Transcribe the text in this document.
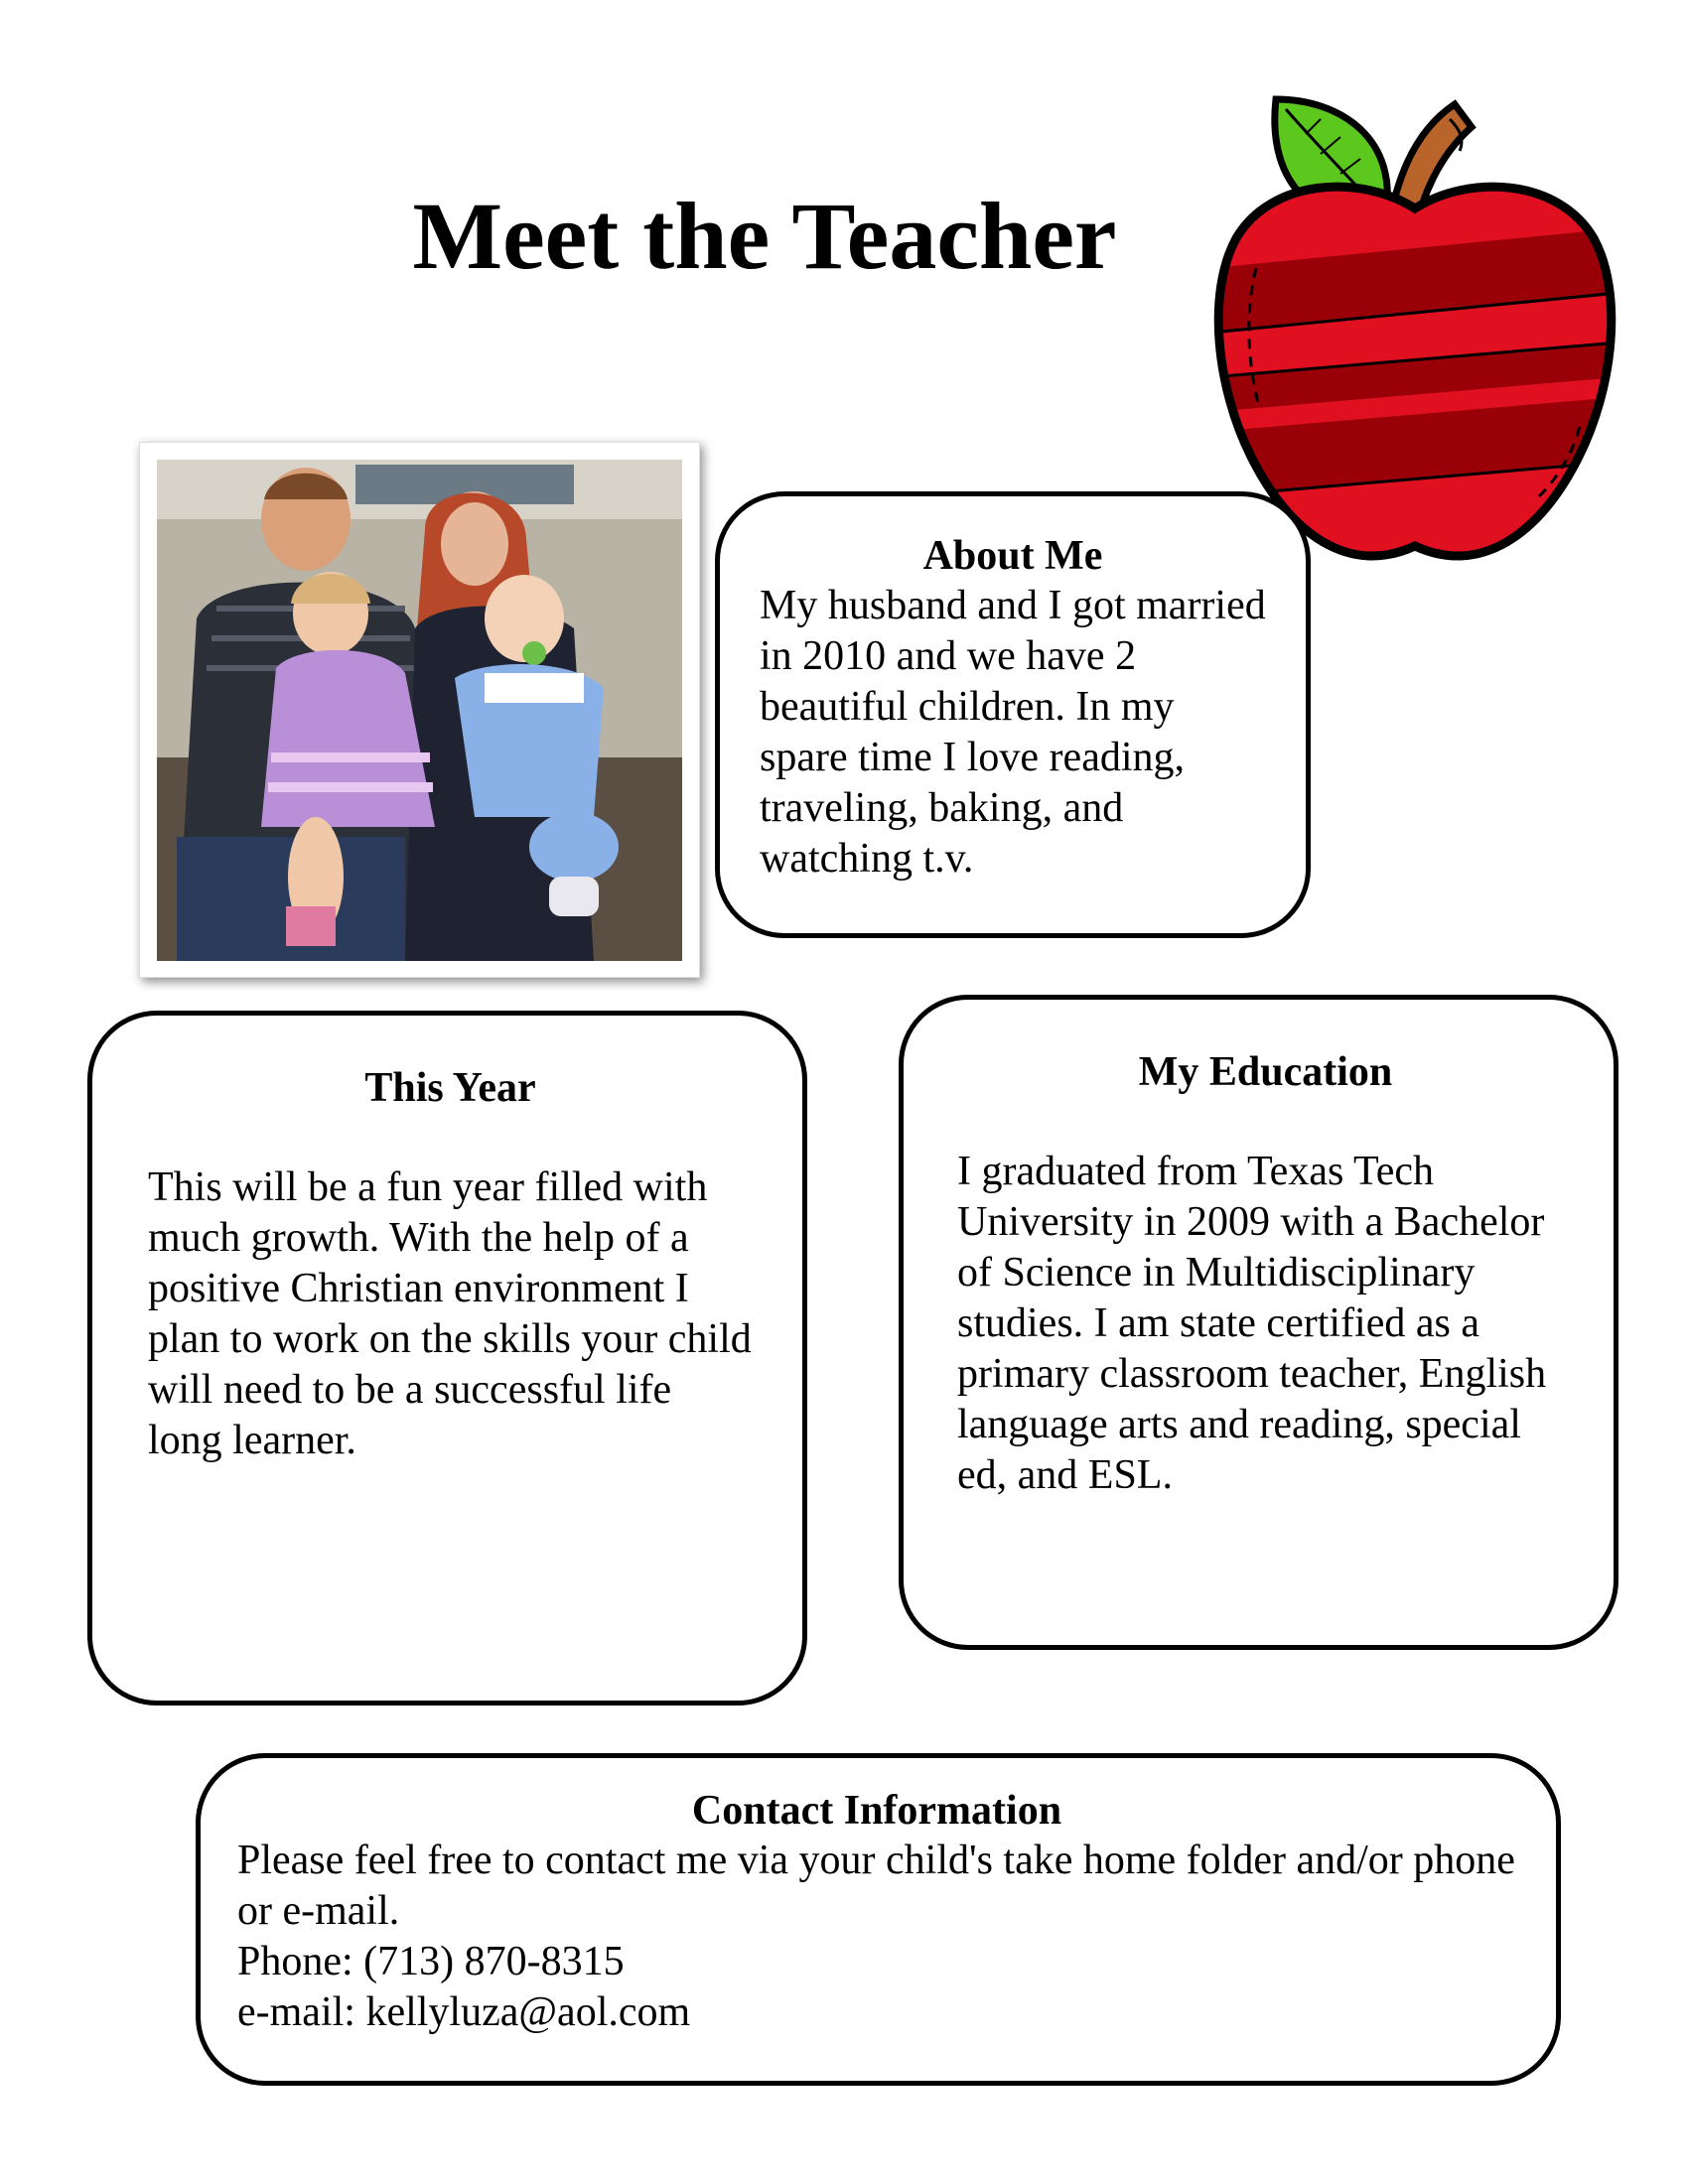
Meet the Teacher
About Me

My husband and I got married in 2010 and we have 2 beautiful children. In my spare time I love reading, traveling, baking, and watching t.v.

This Year

This will be a fun year filled with much growth. With the help of a positive Christian environment I plan to work on the skills your child will need to be a successful life long learner.

My Education

I graduated from Texas Tech University in 2009 with a Bachelor of Science in Multidisciplinary studies. I am state certified as a primary classroom teacher, English language arts and reading, special ed, and ESL.

Contact Information

Please feel free to contact me via your child's take home folder and/or phone or e-mail.
Phone: (713) 870-8315
e-mail: kellyluza@aol.com
